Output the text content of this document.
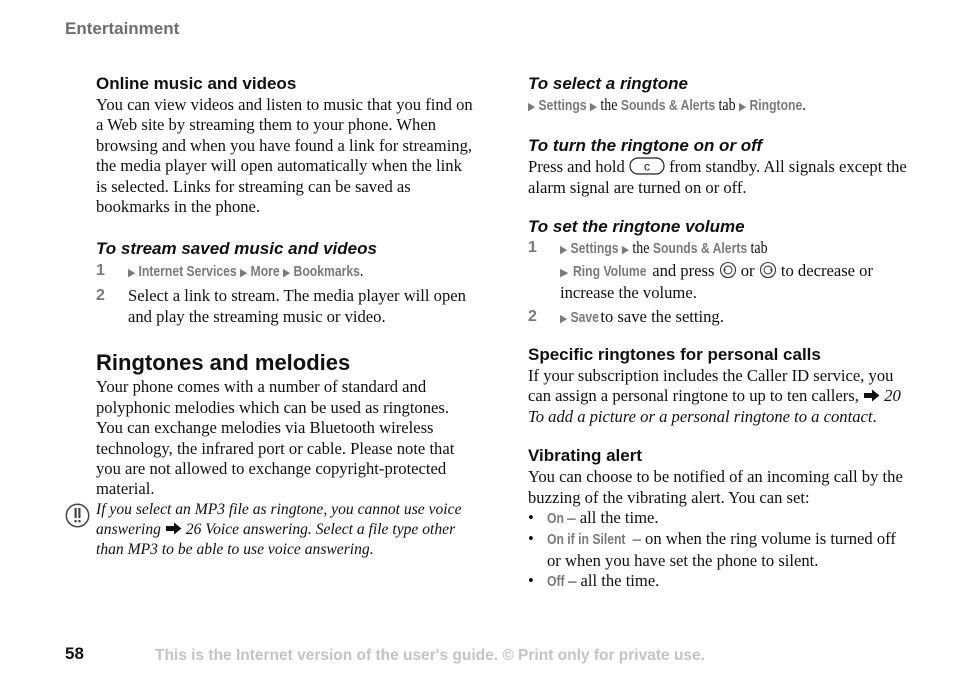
Entertainment
Online music and videos

You can view videos and listen to music that you find on a Web site by streaming them to your phone. When browsing and when you have found a link for streaming, the media player will open automatically when the link is selected. Links for streaming can be saved as bookmarks in the phone.

To stream saved music and videos
1 ▶ Internet Services ▶ More ▶ Bookmarks.
2 Select a link to stream. The media player will open and play the streaming music or video.
Ringtones and melodies

Your phone comes with a number of standard and polyphonic melodies which can be used as ringtones. You can exchange melodies via Bluetooth wireless technology, the infrared port or cable. Please note that you are not allowed to exchange copyright-protected material.

If you select an MP3 file as ringtone, you cannot use voice answering 26 Voice answering. Select a file type other than MP3 to be able to use voice answering.
To select a ringtone

▶ Settings ▶ the Sounds & Alerts tab ▶ Ringtone.

To turn the ringtone on or off

Press and hold c from standby. All signals except the alarm signal are turned on or off.

To set the ringtone volume
1 ▶ Settings ▶ the Sounds & Alerts tab
▶ Ring Volume and press or to decrease or increase the volume.
2 ▶ Saveto save the setting.
Specific ringtones for personal calls

If your subscription includes the Caller ID service, you can assign a personal ringtone to up to ten callers, 20 To add a picture or a personal ringtone to a contact.

Vibrating alert

You can choose to be notified of an incoming call by the buzzing of the vibrating alert. You can set:

• On – all the time.
• On if in Silent – on when the ring volume is turned off or when you have set the phone to silent.
• Off – all the time.
58	This is the Internet version of the user's guide. © Print only for private use.
